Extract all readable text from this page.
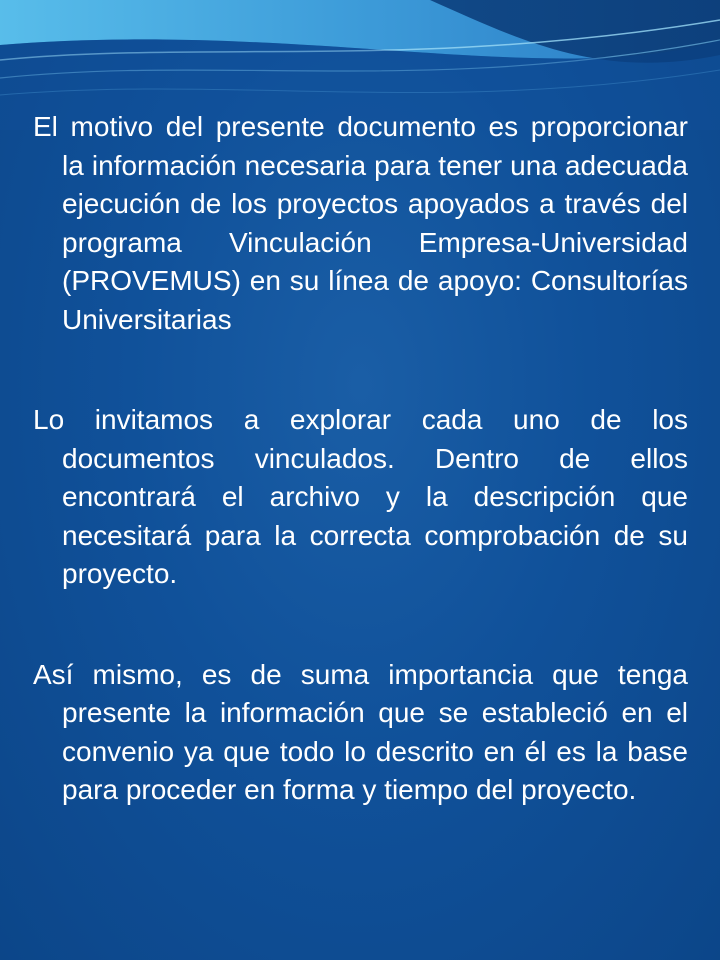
El motivo del presente documento es proporcionar la información necesaria para tener una adecuada ejecución de los proyectos apoyados a través del programa Vinculación Empresa-Universidad (PROVEMUS) en su línea de apoyo: Consultorías Universitarias

Lo invitamos a explorar cada uno de los documentos vinculados. Dentro de ellos encontrará el archivo y la descripción que necesitará para la correcta comprobación de su proyecto.

Así mismo, es de suma importancia que tenga presente la información que se estableció en el convenio ya que todo lo descrito en él es la base para proceder en forma y tiempo del proyecto.
